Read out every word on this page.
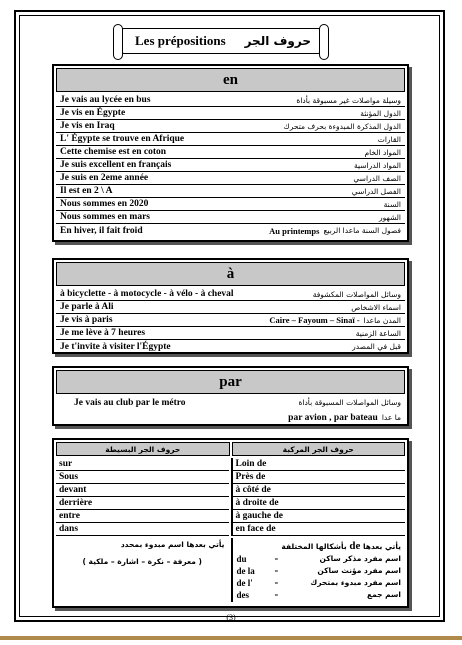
Les prépositions حروف الجر
en
Je vais au lycée en bus	وسيلة مواصلات غير مسبوقة بأداة
Je vis en Égypte	الدول المؤنثة
Je vis en Iraq	الدول المذكرة المبدوءة بحرف متحرك
L' Égypte se trouve en Afrique	القارات
Cette chemise est en coton	المواد الخام
Je suis excellent en français	المواد الدراسية
Je suis en 2eme année	الصف الدراسي
Il est en 2 \ A	الفصل الدراسي
Nous sommes en 2020	السنة
Nous sommes en mars	الشهور
En hiver, il fait froid	Au printemps فصول السنة ماعدا الربيع
à
à bicyclette - à motocycle - à vélo - à cheval	وسائل المواصلات المكشوفة
Je parle à Ali	اسماء الاشخاص
Je vis à paris	Caire – Fayoum – Sinaï - المدن ماعدا
Je me lève à 7 heures	الساعة الزمنية
Je t'invite à visiter l'Égypte	قبل في المصدر
par
Je vais au club par le métro	وسائل المواصلات المسبوقة بأداة
par avion , par bateau ما عدا
حروف الجر البسيطة	حروف الجر المركبة
sur	Loin de
Sous	Près de
devant	à côté de
derrière	à droite de
entre	à gauche de
dans	en face de
يأتي بعدها اسم مبدوء بمحدد
( معرفة – نكرة – اشارة – ملكية )
يأتي بعدها de بأشكالها المختلفة
du	–	اسم مفرد مذكر ساكن
de la	–	اسم مفرد مؤنث ساكن
de l'	–	اسم مفرد مبدوء بمتحرك
des	–	اسم جمع
(3)
